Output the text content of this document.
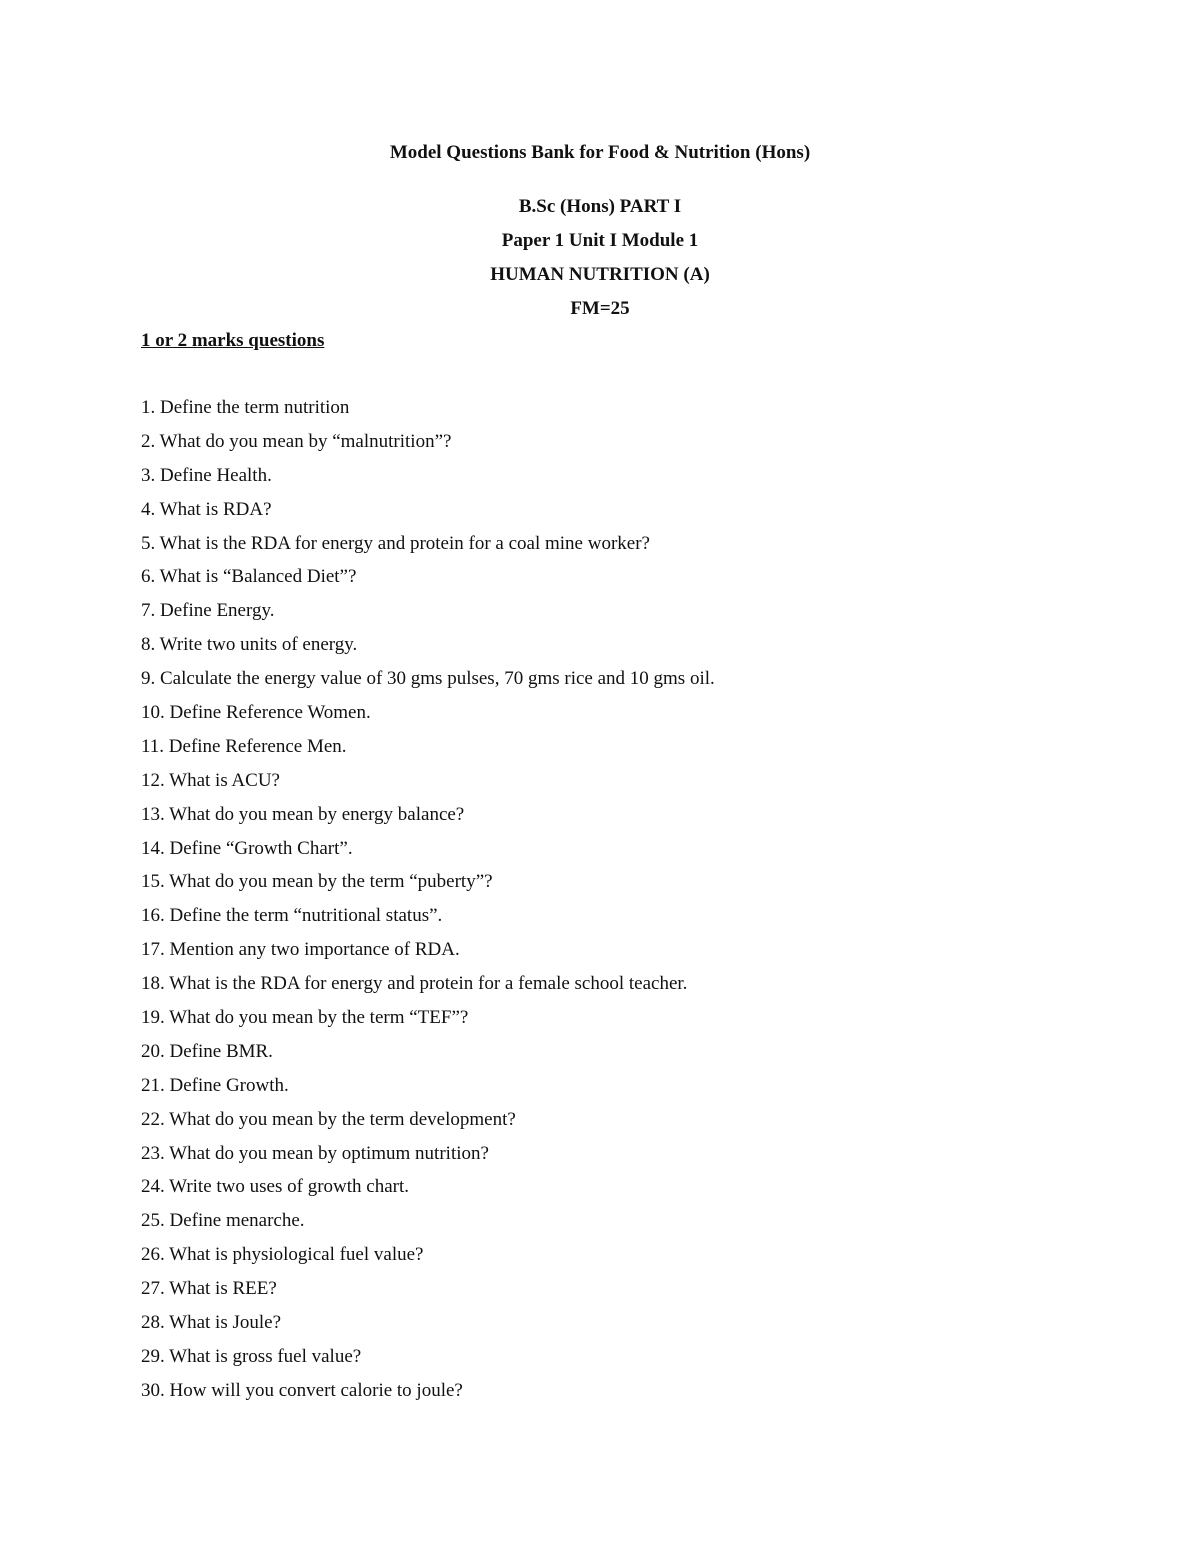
Model Questions Bank for Food & Nutrition (Hons)

B.Sc (Hons) PART I

Paper 1 Unit I Module 1

HUMAN NUTRITION (A)

FM=25

1 or 2 marks questions

1. Define the term nutrition
2. What do you mean by “malnutrition”?
3. Define Health.
4. What is RDA?
5. What is the RDA for energy and protein for a coal mine worker?
6. What is “Balanced Diet”?
7. Define Energy.
8. Write two units of energy.
9. Calculate the energy value of 30 gms pulses, 70 gms rice and 10 gms oil.
10. Define Reference Women.
11. Define Reference Men.
12. What is ACU?
13. What do you mean by energy balance?
14. Define “Growth Chart”.
15. What do you mean by the term “puberty”?
16. Define the term “nutritional status”.
17. Mention any two importance of RDA.
18. What is the RDA for energy and protein for a female school teacher.
19. What do you mean by the term “TEF”?
20. Define BMR.
21. Define Growth.
22. What do you mean by the term development?
23. What do you mean by optimum nutrition?
24. Write two uses of growth chart.
25. Define menarche.
26. What is physiological fuel value?
27. What is REE?
28. What is Joule?
29. What is gross fuel value?
30. How will you convert calorie to joule?
